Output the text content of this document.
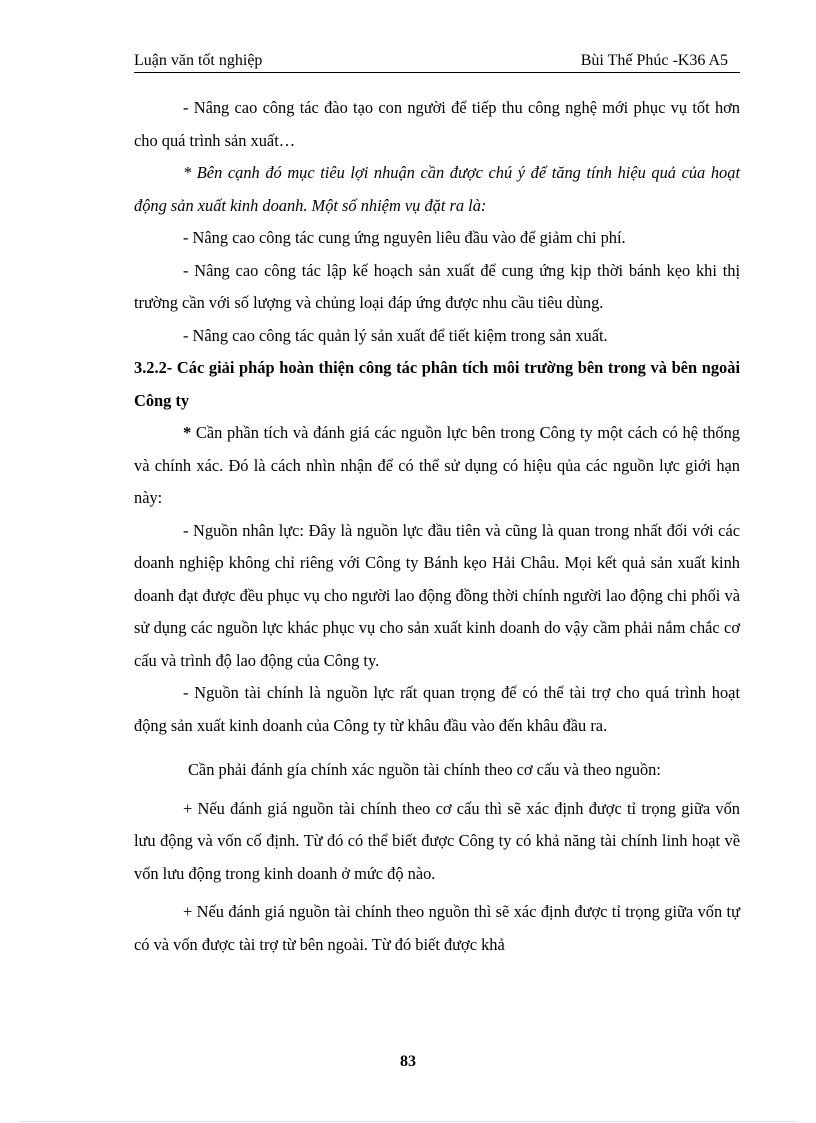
Luận văn tốt nghiệp	Bùi Thế Phúc -K36 A5

- Nâng cao công tác đào tạo con người để tiếp thu công nghệ mới phục vụ tốt hơn cho quá trình sản xuất…

* Bên cạnh đó mục tiêu lợi nhuận cần được chú ý để tăng tính hiệu quả của hoạt động sản xuất kinh doanh. Một số nhiệm vụ đặt ra là:

- Nâng cao công tác cung ứng nguyên liêu đầu vào để giảm chi phí.

- Nâng cao công tác lập kế hoạch sản xuất để cung ứng kịp thời bánh kẹo khi thị trường cần với số lượng và chủng loại đáp ứng được nhu cầu tiêu dùng.

- Nâng cao công tác quản lý sản xuất để tiết kiệm trong sản xuất.

3.2.2- Các giải pháp hoàn thiện công tác phân tích môi trường bên trong và bên ngoài Công ty

* Cần phần tích và đánh giá các nguồn lực bên trong Công ty một cách có hệ thống và chính xác. Đó là cách nhìn nhận để có thể sử dụng có hiệu qủa các nguồn lực giới hạn này:

- Nguồn nhân lực: Đây là nguồn lực đầu tiên và cũng là quan trong nhất đối với các doanh nghiệp không chỉ riêng với Công ty Bánh kẹo Hải Châu. Mọi kết quả sản xuất kinh doanh đạt được đều phục vụ cho người lao động đồng thời chính người lao động chi phối và sử dụng các nguồn lực khác phục vụ cho sản xuất kinh doanh do vậy cầm phải nắm chắc cơ cấu và trình độ lao động của Công ty.

- Nguồn tài chính là nguồn lực rất quan trọng để có thể tài trợ cho quá trình hoạt động sản xuất kinh doanh của Công ty từ khâu đầu vào đến khâu đầu ra.

Cần phải đánh gía chính xác nguồn tài chính theo cơ cấu và theo nguồn:

+ Nếu đánh giá nguồn tài chính theo cơ cấu thì sẽ xác định được tỉ trọng giữa vốn lưu động và vốn cố định. Từ đó có thể biết được Công ty có khả năng tài chính linh hoạt về vốn lưu động trong kinh doanh ở mức độ nào.

+ Nếu đánh giá nguồn tài chính theo nguồn thì sẽ xác định được tỉ trọng giữa vốn tự có và vốn được tài trợ từ bên ngoài. Từ đó biết được khả

83
